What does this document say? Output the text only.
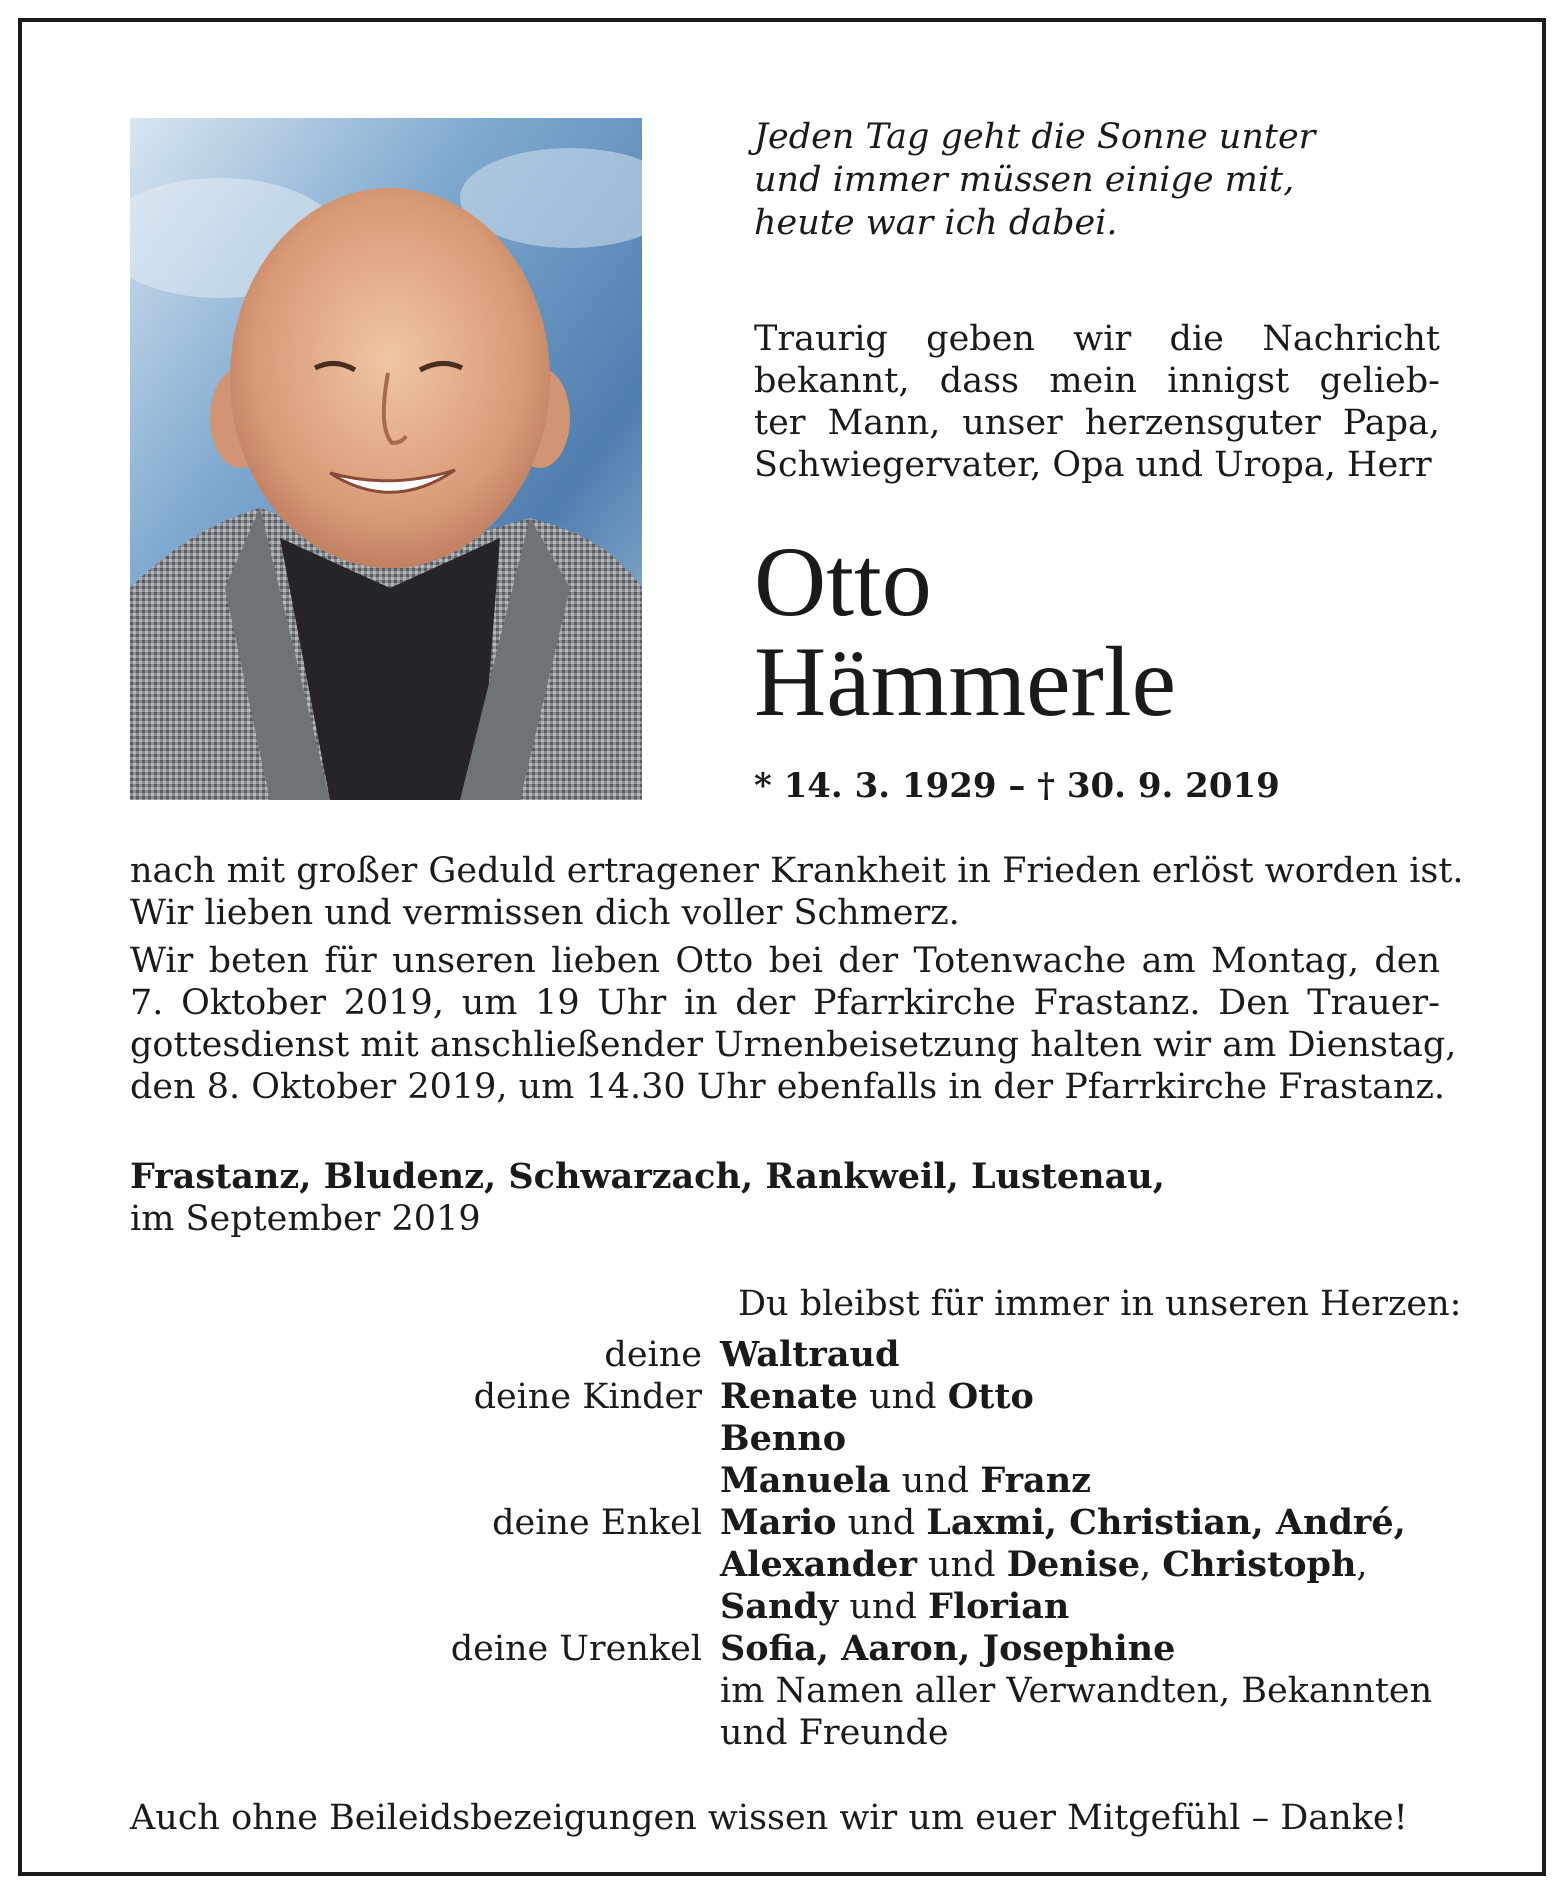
Jeden Tag geht die Sonne unter
und immer müssen einige mit,
heute war ich dabei.
Traurig geben wir die Nachricht
bekannt, dass mein innigst gelieb-
ter Mann, unser herzensguter Papa,
Schwiegervater, Opa und Uropa, Herr
Otto
Hämmerle
* 14. 3. 1929 – † 30. 9. 2019
nach mit großer Geduld ertragener Krankheit in Frieden erlöst worden ist.
Wir lieben und vermissen dich voller Schmerz.
Wir beten für unseren lieben Otto bei der Totenwache am Montag, den
7. Oktober 2019, um 19 Uhr in der Pfarrkirche Frastanz. Den Trauer-
gottesdienst mit anschließender Urnenbeisetzung halten wir am Dienstag,
den 8. Oktober 2019, um 14.30 Uhr ebenfalls in der Pfarrkirche Frastanz.
Frastanz, Bludenz, Schwarzach, Rankweil, Lustenau,
im September 2019
Du bleibst für immer in unseren Herzen:
deine Waltraud
deine Kinder Renate und Otto
Benno
Manuela und Franz
deine Enkel Mario und Laxmi, Christian, André,
Alexander und Denise, Christoph,
Sandy und Florian
deine Urenkel Sofia, Aaron, Josephine
im Namen aller Verwandten, Bekannten
und Freunde
Auch ohne Beileidsbezeigungen wissen wir um euer Mitgefühl – Danke!
